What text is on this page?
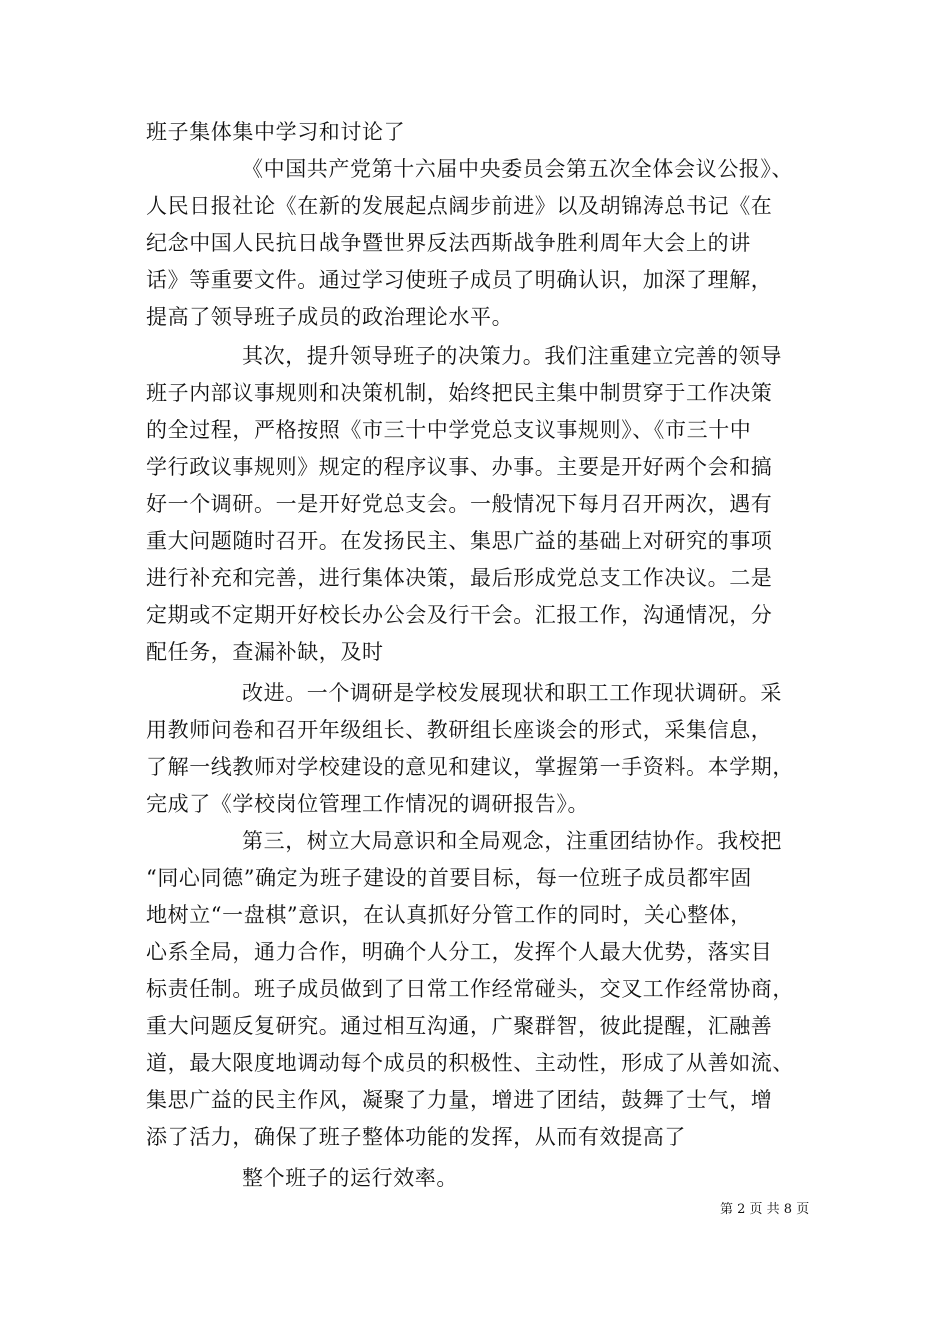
班子集体集中学习和讨论了
《中国共产党第十六届中央委员会第五次全体会议公报》、
人民日报社论《在新的发展起点阔步前进》以及胡锦涛总书记《在
纪念中国人民抗日战争暨世界反法西斯战争胜利周年大会上的讲
话》等重要文件。通过学习使班子成员了明确认识，加深了理解，
提高了领导班子成员的政治理论水平。
其次，提升领导班子的决策力。我们注重建立完善的领导
班子内部议事规则和决策机制，始终把民主集中制贯穿于工作决策
的全过程，严格按照《市三十中学党总支议事规则》、《市三十中
学行政议事规则》规定的程序议事、办事。主要是开好两个会和搞
好一个调研。一是开好党总支会。一般情况下每月召开两次，遇有
重大问题随时召开。在发扬民主、集思广益的基础上对研究的事项
进行补充和完善，进行集体决策，最后形成党总支工作决议。二是
定期或不定期开好校长办公会及行干会。汇报工作，沟通情况，分
配任务，查漏补缺，及时
改进。一个调研是学校发展现状和职工工作现状调研。采
用教师问卷和召开年级组长、教研组长座谈会的形式，采集信息，
了解一线教师对学校建设的意见和建议，掌握第一手资料。本学期，
完成了《学校岗位管理工作情况的调研报告》。
第三，树立大局意识和全局观念，注重团结协作。我校把
“同心同德”确定为班子建设的首要目标，每一位班子成员都牢固
地树立“一盘棋”意识，在认真抓好分管工作的同时，关心整体，
心系全局，通力合作，明确个人分工，发挥个人最大优势，落实目
标责任制。班子成员做到了日常工作经常碰头，交叉工作经常协商，
重大问题反复研究。通过相互沟通，广聚群智，彼此提醒，汇融善
道，最大限度地调动每个成员的积极性、主动性，形成了从善如流、
集思广益的民主作风，凝聚了力量，增进了团结，鼓舞了士气，增
添了活力，确保了班子整体功能的发挥，从而有效提高了
整个班子的运行效率。
第 2 页 共 8 页
